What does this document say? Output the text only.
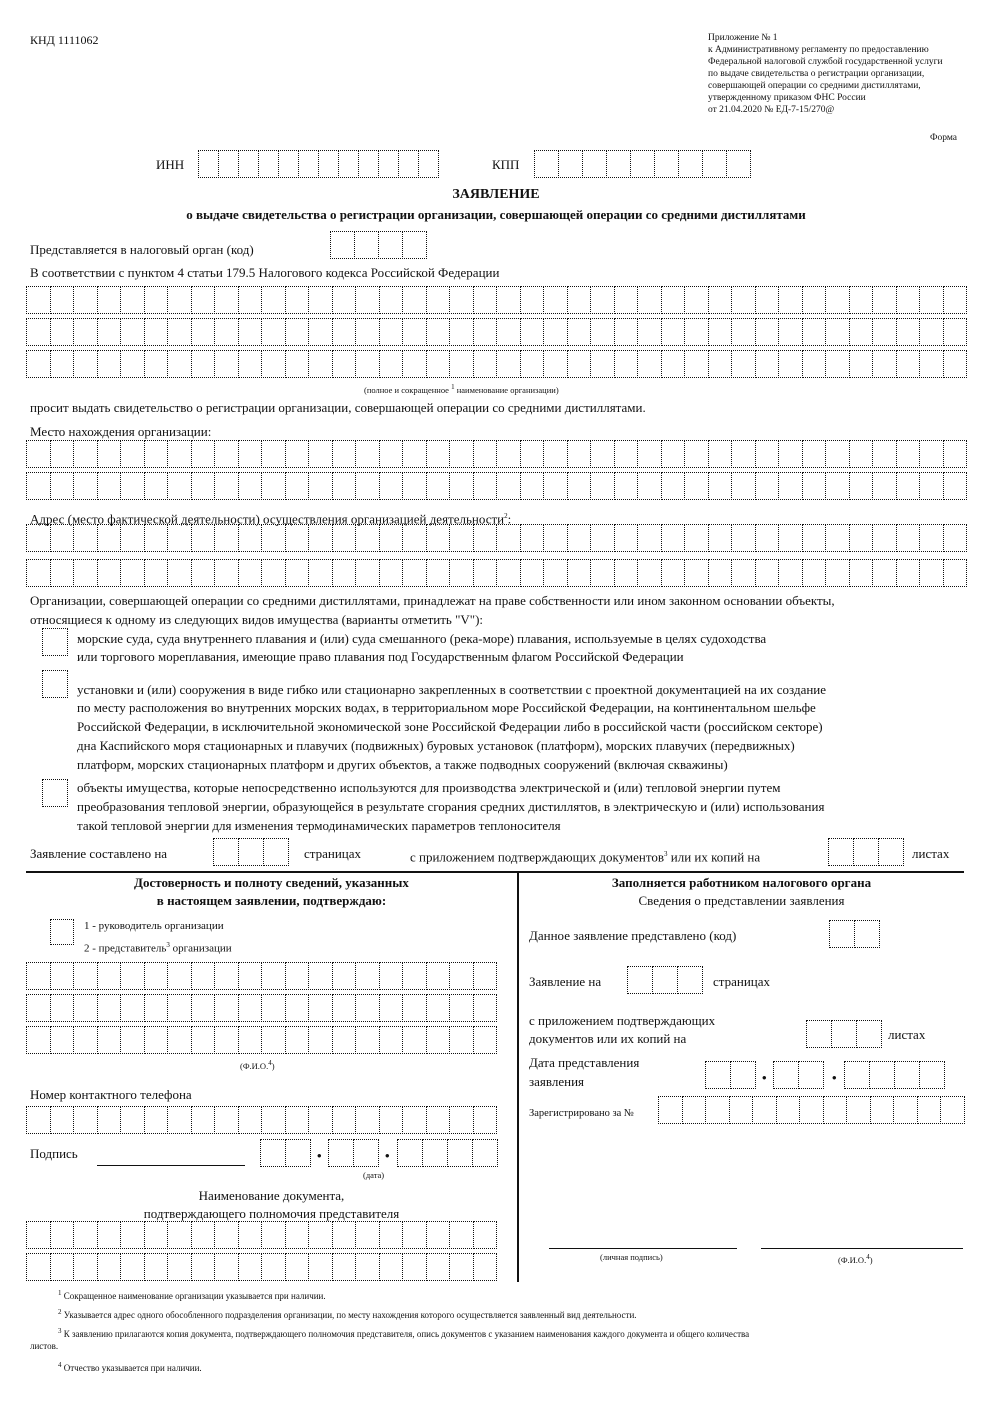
КНД 1111062	Приложение № 1
к Административному регламенту по предоставлению
Федеральной налоговой службой государственной услуги
по выдаче свидетельства о регистрации организации,
совершающей операции со средними дистиллятами,
утвержденному приказом ФНС России
от 21.04.2020 № ЕД-7-15/270@
Форма
ИНН	КПП
ЗАЯВЛЕНИЕ
о выдаче свидетельства о регистрации организации, совершающей операции со средними дистиллятами
Представляется в налоговый орган (код)
В соответствии с пунктом 4 статьи 179.5 Налогового кодекса Российской Федерации
(полное и сокращенное $^1$ наименование организации)
просит выдать свидетельство о регистрации организации, совершающей операции со средними дистиллятами.
Место нахождения организации:
Адрес (место фактической деятельности) осуществления организацией деятельности$^2$:
Организации, совершающей операции со средними дистиллятами, принадлежат на праве собственности или ином законном основании объекты,
относящиеся к одному из следующих видов имущества (варианты отметить "V"):
морские суда, суда внутреннего плавания и (или) суда смешанного (река-море) плавания, используемые в целях судоходства
или торгового мореплавания, имеющие право плавания под Государственным флагом Российской Федерации
установки и (или) сооружения в виде гибко или стационарно закрепленных в соответствии с проектной документацией на их создание
по месту расположения во внутренних морских водах, в территориальном море Российской Федерации, на континентальном шельфе
Российской Федерации, в исключительной экономической зоне Российской Федерации либо в российской части (российском секторе)
дна Каспийского моря стационарных и плавучих (подвижных) буровых установок (платформ), морских плавучих (передвижных)
платформ, морских стационарных платформ и других объектов, а также подводных сооружений (включая скважины)
объекты имущества, которые непосредственно используются для производства электрической и (или) тепловой энергии путем
преобразования тепловой энергии, образующейся в результате сгорания средних дистиллятов, в электрическую и (или) использования
такой тепловой энергии для изменения термодинамических параметров теплоносителя
Заявление составлено на	страницах	с приложением подтверждающих документов$^3$ или их копий на	листах
Достоверность и полноту сведений, указанных
в настоящем заявлении, подтверждаю:
1 - руководитель организации
2 - представитель$^3$ организации
(Ф.И.О.$^4$)
Номер контактного телефона
Подпись	•	•
(дата)
Наименование документа,
подтверждающего полномочия представителя
Заполняется работником налогового органа
Сведения о представлении заявления
Данное заявление представлено (код)
Заявление на	страницах
с приложением подтверждающих
документов или их копий на	листах
Дата представления
заявления	•	•
Зарегистрировано за №
(личная подпись)	(Ф.И.О.$^4$)
$^1$ Сокращенное наименование организации указывается при наличии.
$^2$ Указывается адрес одного обособленного подразделения организации, по месту нахождения которого осуществляется заявленный вид деятельности.
$^3$ К заявлению прилагаются копия документа, подтверждающего полномочия представителя, опись документов с указанием наименования каждого документа и общего количества
листов.
$^4$ Отчество указывается при наличии.
